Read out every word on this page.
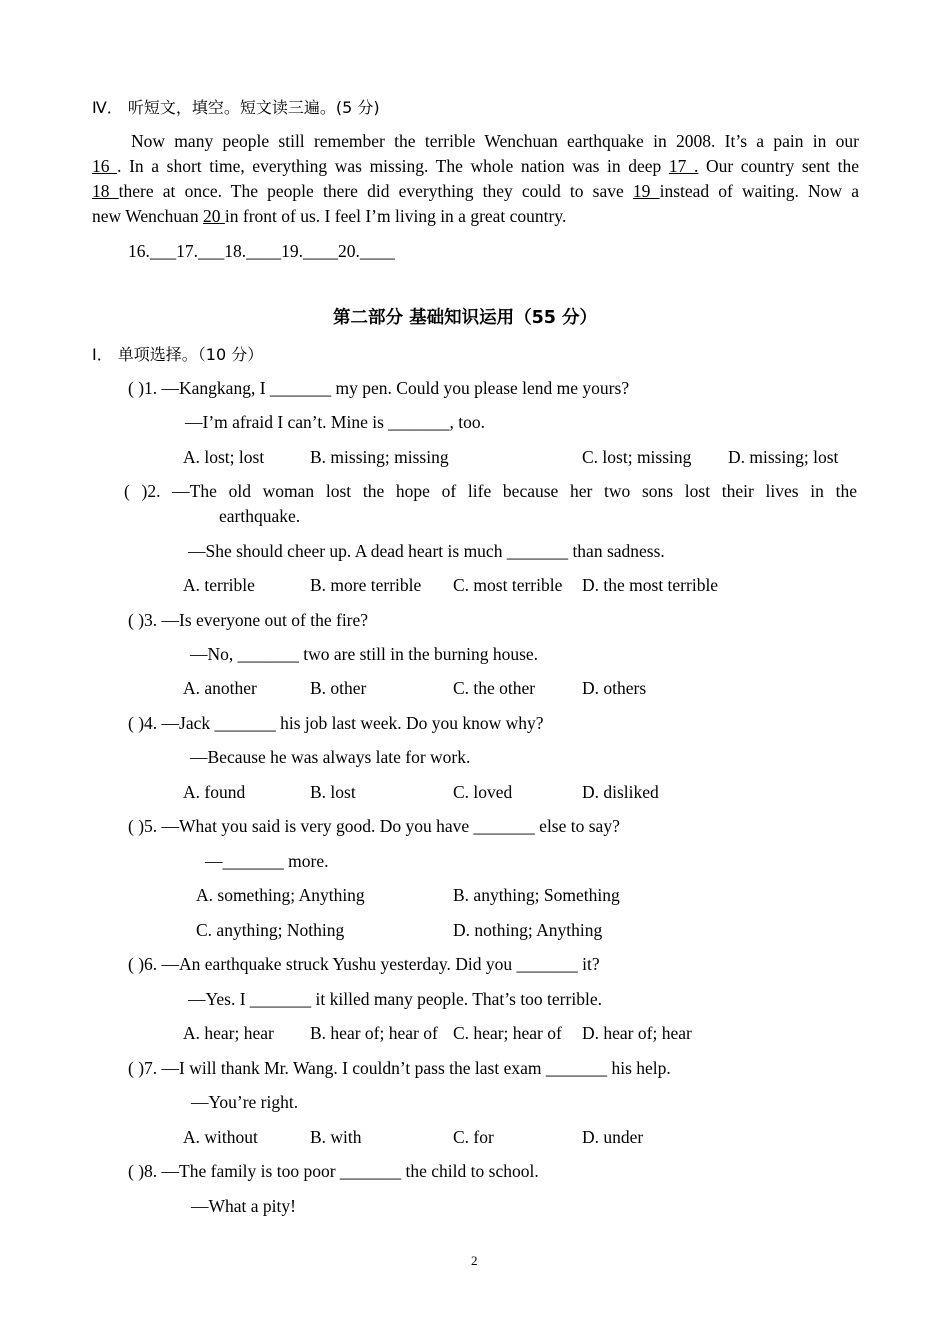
Ⅳ． 听短文，填空。短文读三遍。(5 分)
Now many people still remember the terrible Wenchuan earthquake in 2008. It’s a pain in our
16 . In a short time, everything was missing. The whole nation was in deep 17 . Our country sent the
18 there at once. The people there did everything they could to save 19 instead of waiting. Now a
new Wenchuan 20 in front of us. I feel I’m living in a great country.
16.___17.___18.____19.____20.____
第二部分 基础知识运用（55 分）
Ⅰ． 单项选择。（10 分）
( )1. —Kangkang, I _______ my pen. Could you please lend me yours?
—I’m afraid I can’t. Mine is _______, too.
A. lost; lost	B. missing; missing	C. lost; missing D. missing; lost
( )2. —The old woman lost the hope of life because her two sons lost their lives in the
earthquake.
—She should cheer up. A dead heart is much _______ than sadness.
A. terrible	B. more terrible C. most terrible D. the most terrible
( )3. —Is everyone out of the fire?
—No, _______ two are still in the burning house.
A. another	B. other	C. the other	D. others
( )4. —Jack _______ his job last week. Do you know why?
—Because he was always late for work.
A. found	B. lost	C. loved	D. disliked
( )5. —What you said is very good. Do you have _______ else to say?
—_______ more.
A. something; Anything	B. anything; Something
C. anything; Nothing	D. nothing; Anything
( )6. —An earthquake struck Yushu yesterday. Did you _______ it?
—Yes. I _______ it killed many people. That’s too terrible.
A. hear; hear B. hear of; hear of C. hear; hear of D. hear of; hear
( )7. —I will thank Mr. Wang. I couldn’t pass the last exam _______ his help.
—You’re right.
A. without	B. with	C. for	D. under
( )8. —The family is too poor _______ the child to school.
—What a pity!
2
